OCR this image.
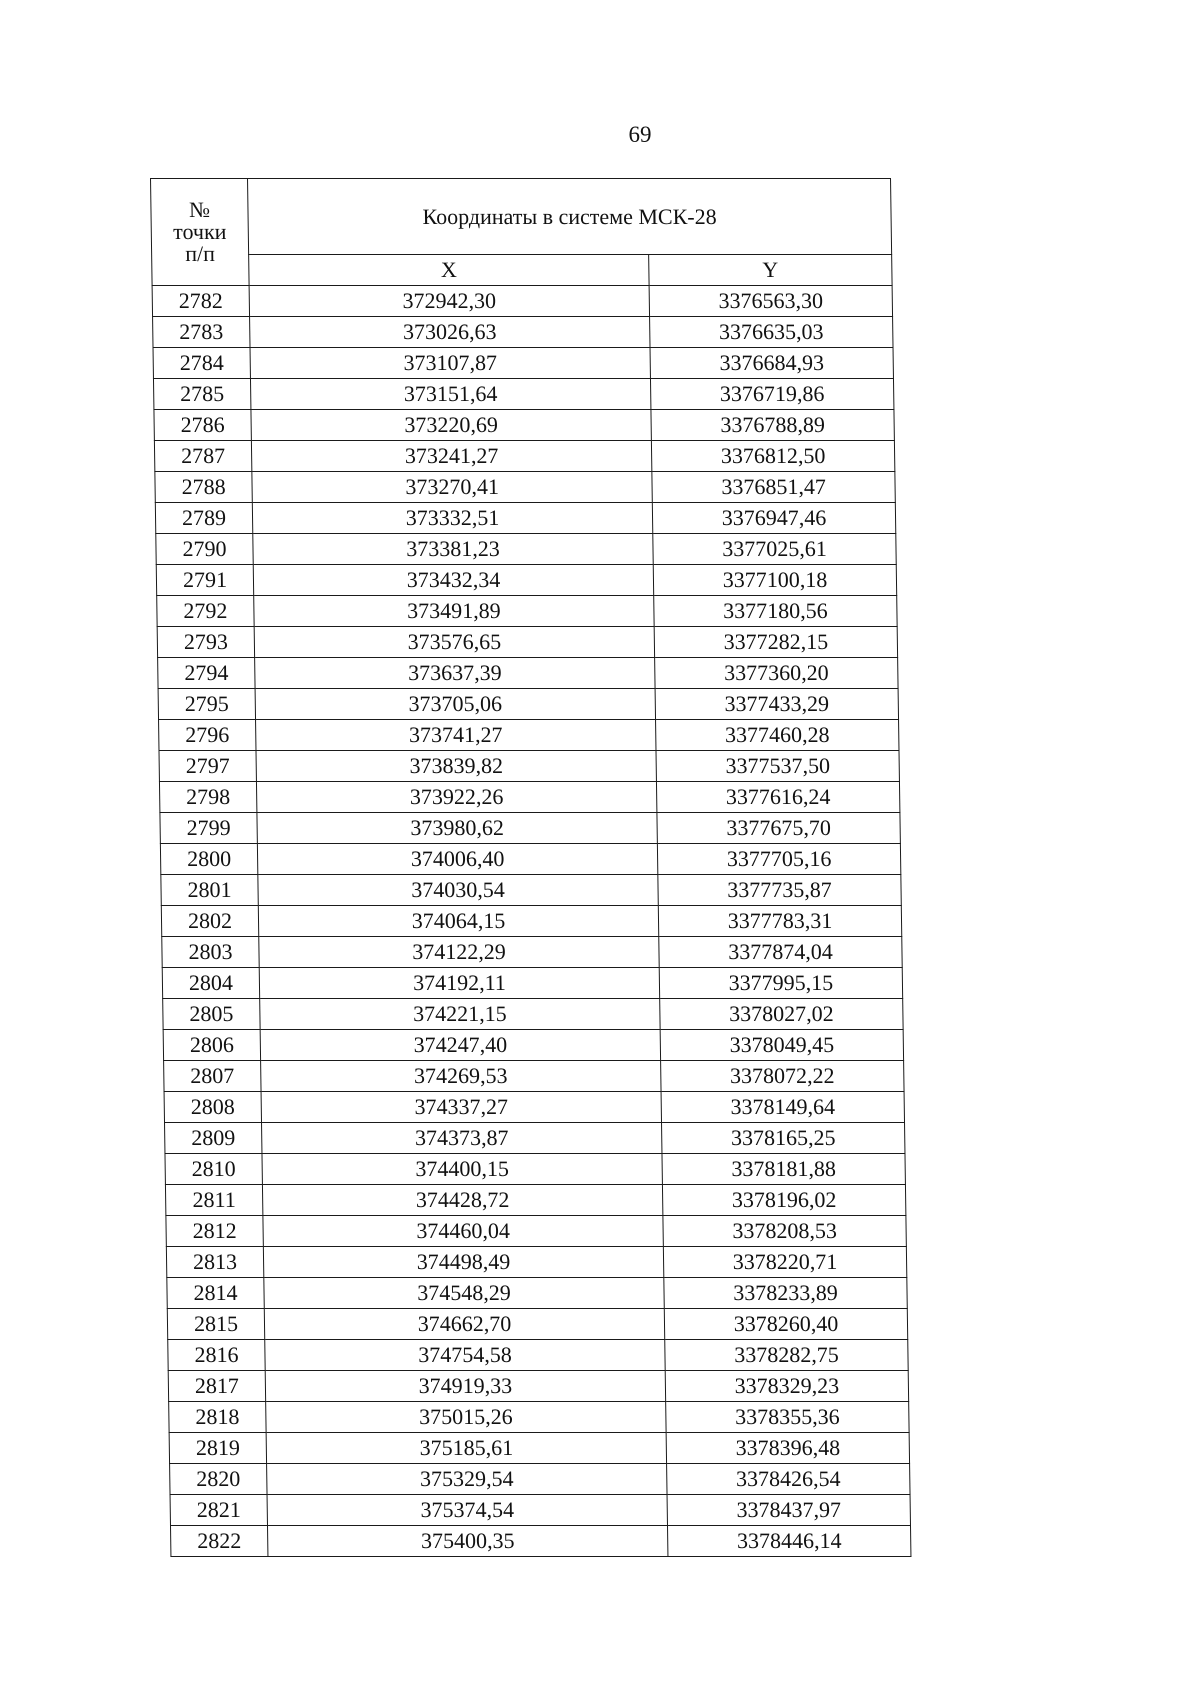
69
№
точки
п/п	Координаты в системе МСК-28	
	X	Y
2782	372942,30	3376563,30
2783	373026,63	3376635,03
2784	373107,87	3376684,93
2785	373151,64	3376719,86
2786	373220,69	3376788,89
2787	373241,27	3376812,50
2788	373270,41	3376851,47
2789	373332,51	3376947,46
2790	373381,23	3377025,61
2791	373432,34	3377100,18
2792	373491,89	3377180,56
2793	373576,65	3377282,15
2794	373637,39	3377360,20
2795	373705,06	3377433,29
2796	373741,27	3377460,28
2797	373839,82	3377537,50
2798	373922,26	3377616,24
2799	373980,62	3377675,70
2800	374006,40	3377705,16
2801	374030,54	3377735,87
2802	374064,15	3377783,31
2803	374122,29	3377874,04
2804	374192,11	3377995,15
2805	374221,15	3378027,02
2806	374247,40	3378049,45
2807	374269,53	3378072,22
2808	374337,27	3378149,64
2809	374373,87	3378165,25
2810	374400,15	3378181,88
2811	374428,72	3378196,02
2812	374460,04	3378208,53
2813	374498,49	3378220,71
2814	374548,29	3378233,89
2815	374662,70	3378260,40
2816	374754,58	3378282,75
2817	374919,33	3378329,23
2818	375015,26	3378355,36
2819	375185,61	3378396,48
2820	375329,54	3378426,54
2821	375374,54	3378437,97
2822	375400,35	3378446,14
